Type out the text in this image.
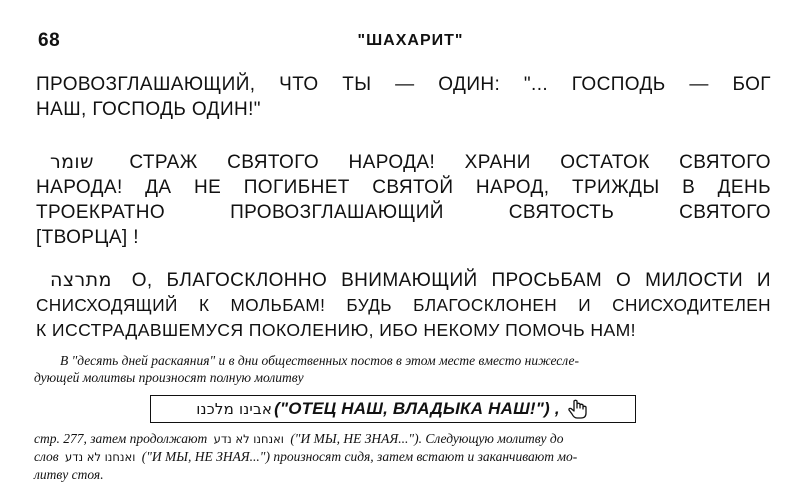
68	"ШАХАРИТ"
ПРОВОЗГЛАШАЮЩИЙ, ЧТО ТЫ — ОДИН: "... ГОСПОДЬ — БОГ
НАШ, ГОСПОДЬ ОДИН!"
שומר СТРАЖ СВЯТОГО НАРОДА! ХРАНИ ОСТАТОК СВЯТОГО
НАРОДА! ДА НЕ ПОГИБНЕТ СВЯТОЙ НАРОД, ТРИЖДЫ В ДЕНЬ
ТРОЕКРАТНО ПРОВОЗГЛАШАЮЩИЙ СВЯТОСТЬ СВЯТОГО
[ТВОРЦА] !
מתרצה О, БЛАГОСКЛОННО ВНИМАЮЩИЙ ПРОСЬБАМ О МИЛОСТИ И
СНИСХОДЯЩИЙ К МОЛЬБАМ! БУДЬ БЛАГОСКЛОНЕН И СНИСХОДИТЕЛЕН
К ИССТРАДАВШЕМУСЯ ПОКОЛЕНИЮ, ИБО НЕКОМУ ПОМОЧЬ НАМ!
В "десять дней раскаяния" и в дни общественных постов в этом месте вместо нижесле-
дующей молитвы произносят полную молитву
אבינו מלכנו ("ОТЕЦ НАШ, ВЛАДЫКА НАШ!") ,
стр. 277, затем продолжают ואנחנו לא נדע ("И МЫ, НЕ ЗНАЯ..."). Следующую молитву до
слов ואנחנו לא נדע ("И МЫ, НЕ ЗНАЯ...") произносят сидя, затем встают и заканчивают мо-
литву стоя.
